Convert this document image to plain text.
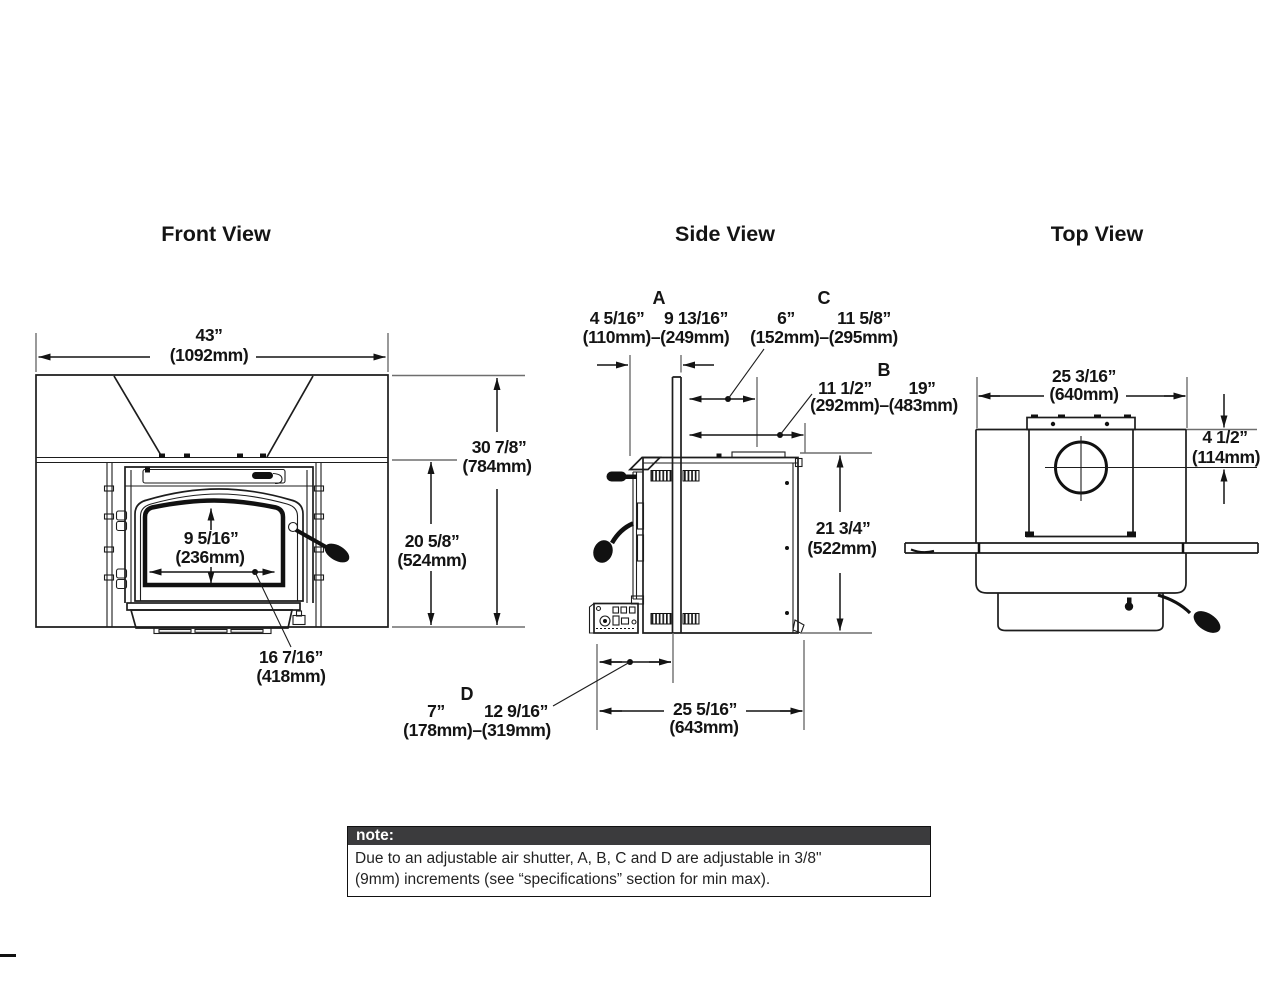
Front View
43”
(1092mm)
9 5/16”
(236mm)
16 7/16”
(418mm)
30 7/8”
(784mm)
20 5/8”
(524mm)
Side View
A
4 5/16” 9 13/16”
(110mm)–(249mm)
C
6” 11 5/8”
(152mm)–(295mm)
B
11 1/2” 19”
(292mm)–(483mm)
21 3/4”
(522mm)
D
7” 12 9/16”
(178mm)–(319mm)
25 5/16”
(643mm)
Top View
25 3/16”
(640mm)
4 1/2”
(114mm)
note:
Due to an adjustable air shutter, A, B, C and D are adjustable in 3/8"
(9mm) increments (see “specifications” section for min max).
